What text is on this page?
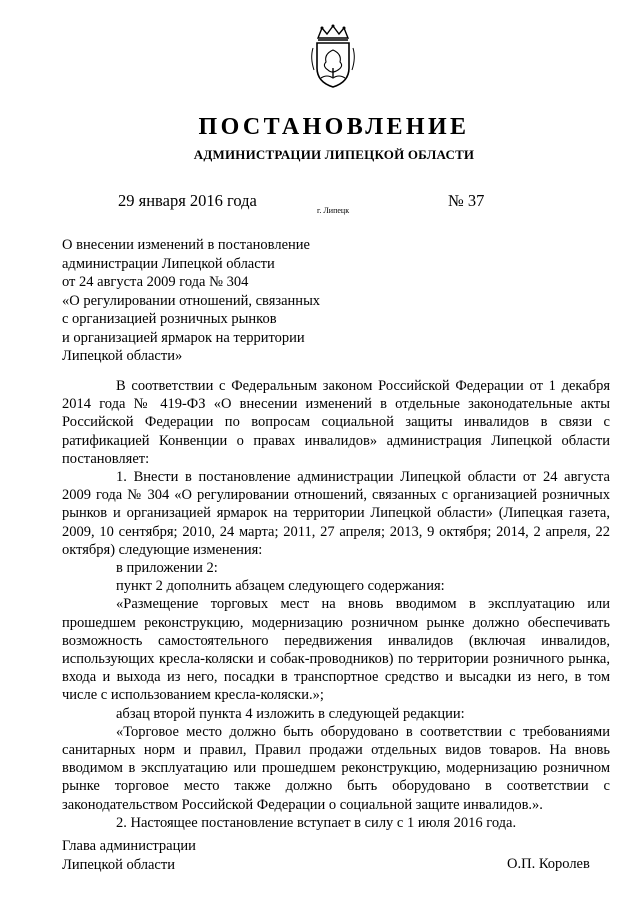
ПОСТАНОВЛЕНИЕ
АДМИНИСТРАЦИИ ЛИПЕЦКОЙ ОБЛАСТИ
29 января 2016 года
г. Липецк
№ 37
О внесении изменений в постановление
администрации Липецкой области
от 24 августа 2009 года № 304
«О регулировании отношений, связанных
с организацией розничных рынков
и организацией ярмарок на территории
Липецкой области»

В соответствии с Федеральным законом Российской Федерации от 1 декабря 2014 года № 419-ФЗ «О внесении изменений в отдельные законодательные акты Российской Федерации по вопросам социальной защиты инвалидов в связи с ратификацией Конвенции о правах инвалидов» администрация Липецкой области постановляет:

1. Внести в постановление администрации Липецкой области от 24 августа 2009 года № 304 «О регулировании отношений, связанных с организацией розничных рынков и организацией ярмарок на территории Липецкой области» (Липецкая газета, 2009, 10 сентября; 2010, 24 марта; 2011, 27 апреля; 2013, 9 октября; 2014, 2 апреля, 22 октября) следующие изменения:

в приложении 2:

пункт 2 дополнить абзацем следующего содержания:

«Размещение торговых мест на вновь вводимом в эксплуатацию или прошедшем реконструкцию, модернизацию розничном рынке должно обеспечивать возможность самостоятельного передвижения инвалидов (включая инвалидов, использующих кресла-коляски и собак-проводников) по территории розничного рынка, входа и выхода из него, посадки в транспортное средство и высадки из него, в том числе с использованием кресла-коляски.»;

абзац второй пункта 4 изложить в следующей редакции:

«Торговое место должно быть оборудовано в соответствии с требованиями санитарных норм и правил, Правил продажи отдельных видов товаров. На вновь вводимом в эксплуатацию или прошедшем реконструкцию, модернизацию розничном рынке торговое место также должно быть оборудовано в соответствии с законодательством Российской Федерации о социальной защите инвалидов.».

2. Настоящее постановление вступает в силу с 1 июля 2016 года.

Глава администрации
Липецкой области	О.П. Королев
